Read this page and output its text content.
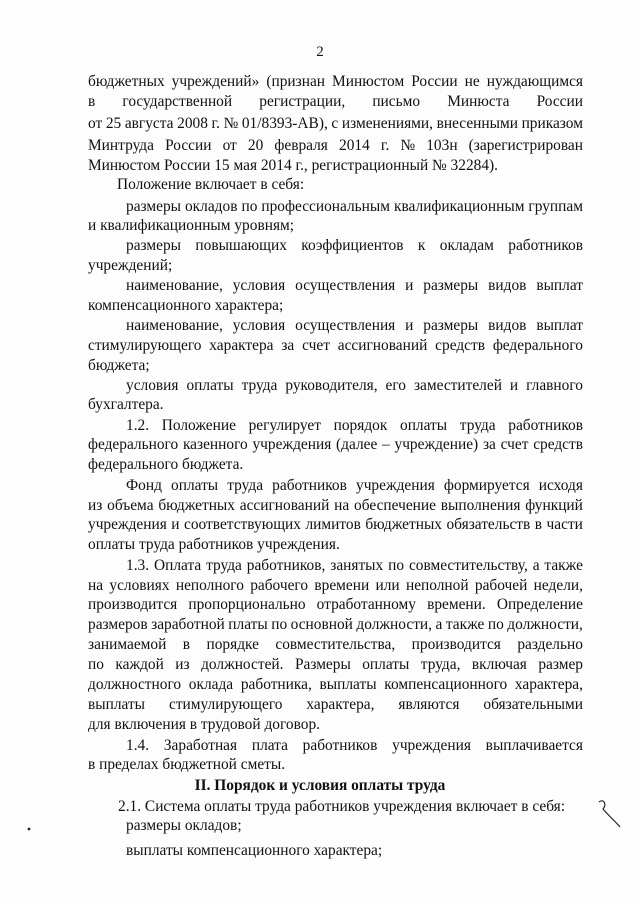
2
бюджетных учреждений» (признан Минюстом России не нуждающимся
в государственной регистрации, письмо Минюста России
от 25 августа 2008 г. № 01/8393-АВ), с изменениями, внесенными приказом
Минтруда России от 20 февраля 2014 г. № 103н (зарегистрирован
Минюстом России 15 мая 2014 г., регистрационный № 32284).
Положение включает в себя:
размеры окладов по профессиональным квалификационным группам
и квалификационным уровням;
размеры повышающих коэффициентов к окладам работников
учреждений;
наименование, условия осуществления и размеры видов выплат
компенсационного характера;
наименование, условия осуществления и размеры видов выплат
стимулирующего характера за счет ассигнований средств федерального
бюджета;
условия оплаты труда руководителя, его заместителей и главного
бухгалтера.
1.2. Положение регулирует порядок оплаты труда работников
федерального казенного учреждения (далее – учреждение) за счет средств
федерального бюджета.
Фонд оплаты труда работников учреждения формируется исходя
из объема бюджетных ассигнований на обеспечение выполнения функций
учреждения и соответствующих лимитов бюджетных обязательств в части
оплаты труда работников учреждения.
1.3. Оплата труда работников, занятых по совместительству, а также
на условиях неполного рабочего времени или неполной рабочей недели,
производится пропорционально отработанному времени. Определение
размеров заработной платы по основной должности, а также по должности,
занимаемой в порядке совместительства, производится раздельно
по каждой из должностей. Размеры оплаты труда, включая размер
должностного оклада работника, выплаты компенсационного характера,
выплаты стимулирующего характера, являются обязательными
для включения в трудовой договор.
1.4. Заработная плата работников учреждения выплачивается
в пределах бюджетной сметы.
II. Порядок и условия оплаты труда
2.1. Система оплаты труда работников учреждения включает в себя:
размеры окладов;
выплаты компенсационного характера;
